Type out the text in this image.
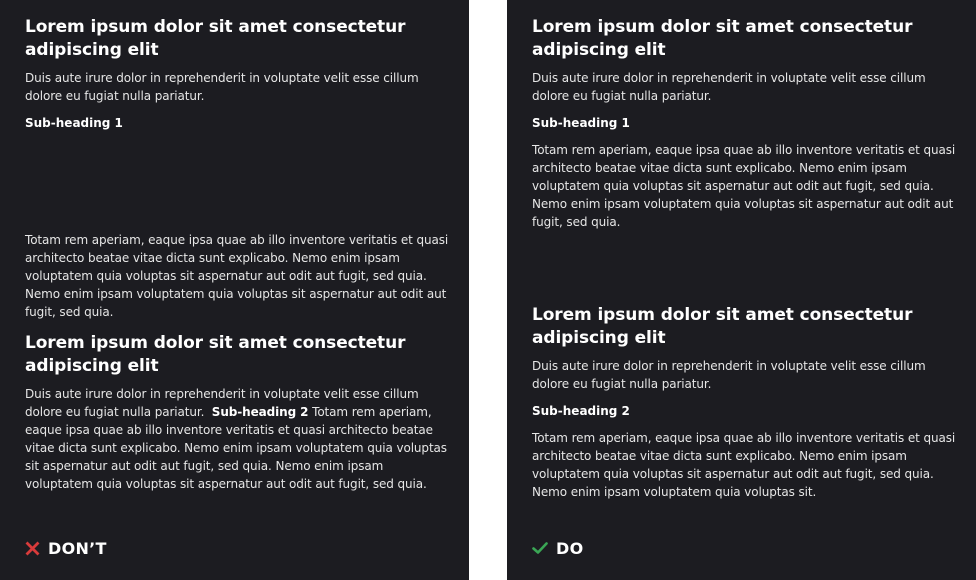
Lorem ipsum dolor sit amet consectetur adipiscing elit

Duis aute irure dolor in reprehenderit in voluptate velit esse cillum dolore eu fugiat nulla pariatur.

Sub-heading 1

Totam rem aperiam, eaque ipsa quae ab illo inventore veritatis et quasi architecto beatae vitae dicta sunt explicabo. Nemo enim ipsam voluptatem quia voluptas sit aspernatur aut odit aut fugit, sed quia. Nemo enim ipsam voluptatem quia voluptas sit aspernatur aut odit aut fugit, sed quia.

Lorem ipsum dolor sit amet consectetur adipiscing elit

Duis aute irure dolor in reprehenderit in voluptate velit esse cillum dolore eu fugiat nulla pariatur. Sub-heading 2 Totam rem aperiam, eaque ipsa quae ab illo inventore veritatis et quasi architecto beatae vitae dicta sunt explicabo. Nemo enim ipsam voluptatem quia voluptas sit aspernatur aut odit aut fugit, sed quia. Nemo enim ipsam voluptatem quia voluptas sit aspernatur aut odit aut fugit, sed quia.

DON’T
Lorem ipsum dolor sit amet consectetur adipiscing elit

Duis aute irure dolor in reprehenderit in voluptate velit esse cillum dolore eu fugiat nulla pariatur.

Sub-heading 1

Totam rem aperiam, eaque ipsa quae ab illo inventore veritatis et quasi architecto beatae vitae dicta sunt explicabo. Nemo enim ipsam voluptatem quia voluptas sit aspernatur aut odit aut fugit, sed quia. Nemo enim ipsam voluptatem quia voluptas sit aspernatur aut odit aut fugit, sed quia.

Lorem ipsum dolor sit amet consectetur adipiscing elit

Duis aute irure dolor in reprehenderit in voluptate velit esse cillum dolore eu fugiat nulla pariatur.

Sub-heading 2

Totam rem aperiam, eaque ipsa quae ab illo inventore veritatis et quasi architecto beatae vitae dicta sunt explicabo. Nemo enim ipsam voluptatem quia voluptas sit aspernatur aut odit aut fugit, sed quia. Nemo enim ipsam voluptatem quia voluptas sit.

DO
